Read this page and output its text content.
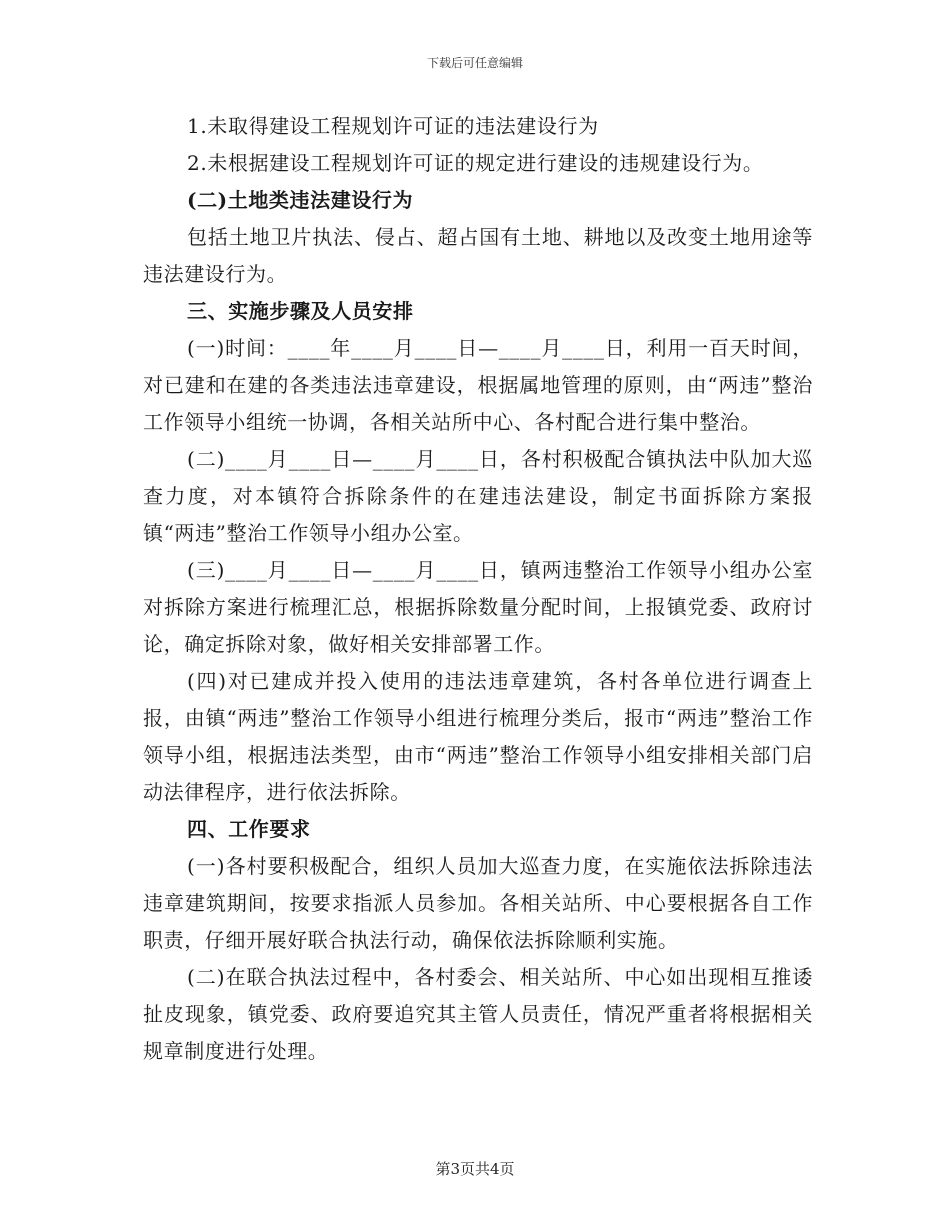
下载后可任意编辑

1.未取得建设工程规划许可证的违法建设行为

2.未根据建设工程规划许可证的规定进行建设的违规建设行为。

(二)土地类违法建设行为

包括土地卫片执法、侵占、超占国有土地、耕地以及改变土地用途等违法建设行为。

三、实施步骤及人员安排

(一)时间：____年____月____日—____月____日，利用一百天时间，对已建和在建的各类违法违章建设，根据属地管理的原则，由“两违”整治工作领导小组统一协调，各相关站所中心、各村配合进行集中整治。

(二)____月____日—____月____日，各村积极配合镇执法中队加大巡查力度，对本镇符合拆除条件的在建违法建设，制定书面拆除方案报镇“两违”整治工作领导小组办公室。

(三)____月____日—____月____日，镇两违整治工作领导小组办公室对拆除方案进行梳理汇总，根据拆除数量分配时间，上报镇党委、政府讨论，确定拆除对象，做好相关安排部署工作。

(四)对已建成并投入使用的违法违章建筑，各村各单位进行调查上报，由镇“两违”整治工作领导小组进行梳理分类后，报市“两违”整治工作领导小组，根据违法类型，由市“两违”整治工作领导小组安排相关部门启动法律程序，进行依法拆除。

四、工作要求

(一)各村要积极配合，组织人员加大巡查力度，在实施依法拆除违法违章建筑期间，按要求指派人员参加。各相关站所、中心要根据各自工作职责，仔细开展好联合执法行动，确保依法拆除顺利实施。

(二)在联合执法过程中，各村委会、相关站所、中心如出现相互推诿扯皮现象，镇党委、政府要追究其主管人员责任，情况严重者将根据相关规章制度进行处理。

第3页共4页
